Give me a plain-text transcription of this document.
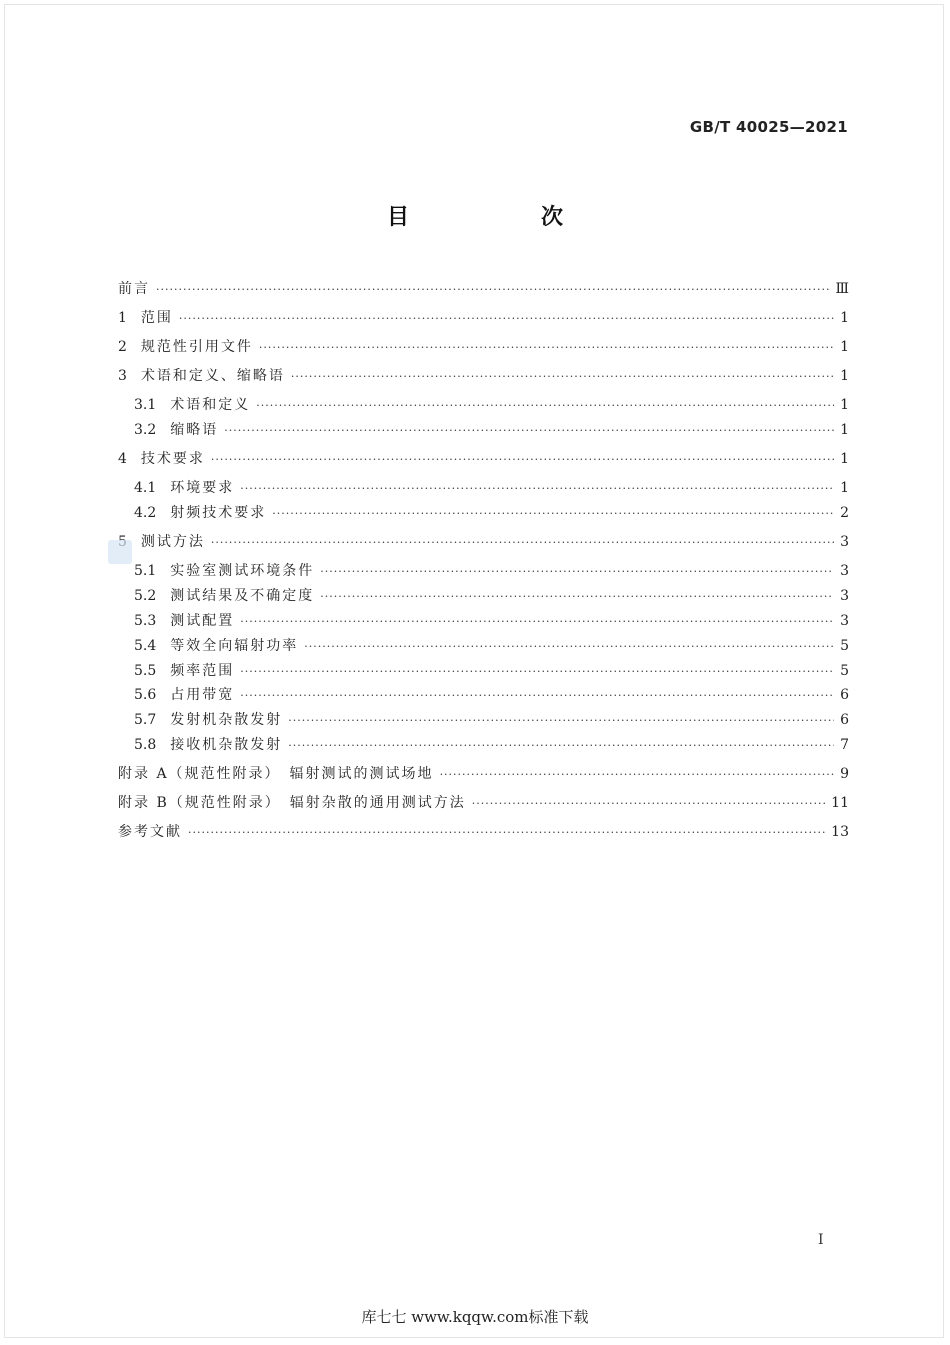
GB/T 40025—2021
目　次
前言 ·····	Ⅲ
1 范围 ·····	1
2 规范性引用文件 ·····	1
3 术语和定义、缩略语 ·····	1
3.1 术语和定义 ·····	1
3.2 缩略语 ·····	1
4 技术要求 ·····	1
4.1 环境要求 ·····	1
4.2 射频技术要求 ·····	2
测试方法 ·····	3
5.1 实验室测试环境条件 ·····	3
5.2 测试结果及不确定度 ·····	3
5.3 测试配置 ·····	3
5.4 等效全向辐射功率 ·····	5
5.5 频率范围 ·····	5
5.6 占用带宽 ·····	6
5.7 发射机杂散发射 ·····	6
5.8 接收机杂散发射 ·····	7
附录 A（规范性附录）　辐射测试的测试场地 ·····	9
附录 B（规范性附录）　辐射杂散的通用测试方法 ·····	11
参考文献 ·····	13
I
库七七 www.kqqw.com标准下载
